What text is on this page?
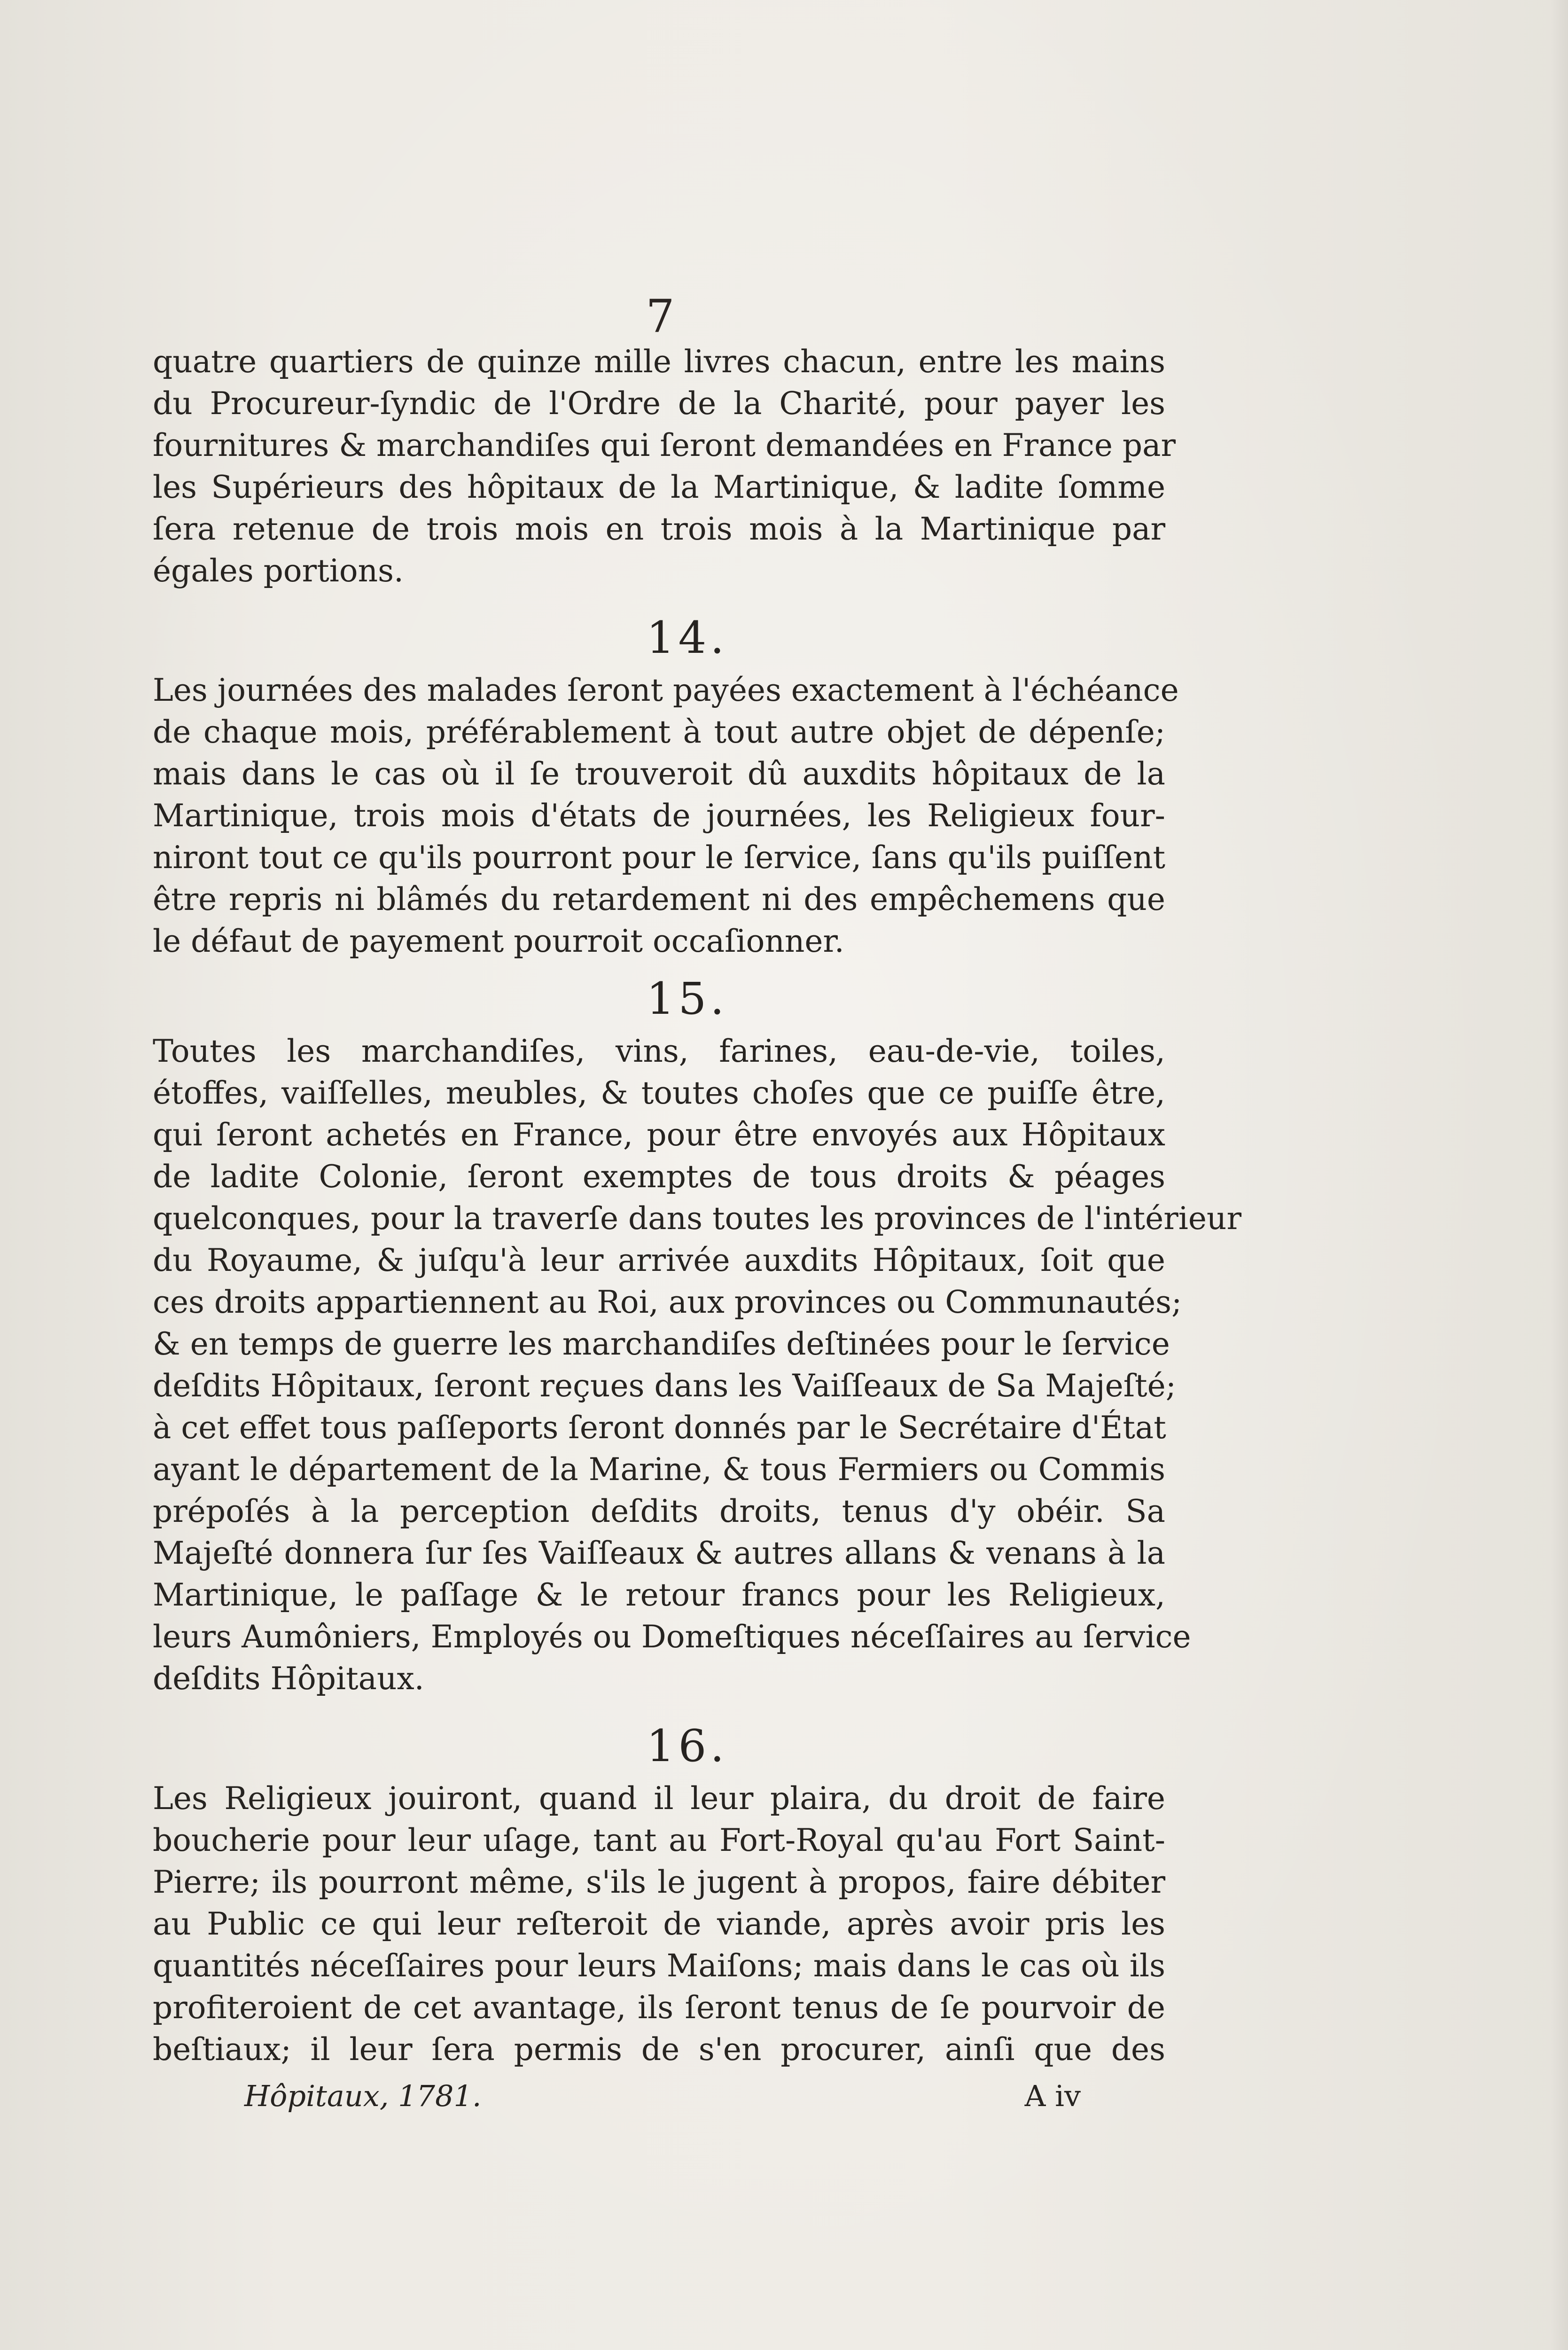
7
quatre quartiers de quinze mille livres chacun, entre les mains
du Procureur-ſyndic de l'Ordre de la Charité, pour payer les
fournitures & marchandiſes qui ſeront demandées en France par
les Supérieurs des hôpitaux de la Martinique, & ladite ſomme
ſera retenue de trois mois en trois mois à la Martinique par
égales portions.
14.
Les journées des malades ſeront payées exactement à l'échéance
de chaque mois, préférablement à tout autre objet de dépenſe;
mais dans le cas où il ſe trouveroit dû auxdits hôpitaux de la
Martinique, trois mois d'états de journées, les Religieux four-
niront tout ce qu'ils pourront pour le ſervice, ſans qu'ils puiſſent
être repris ni blâmés du retardement ni des empêchemens que
le défaut de payement pourroit occaſionner.
15.
Toutes les marchandiſes, vins, farines, eau-de-vie, toiles,
étoffes, vaiſſelles, meubles, & toutes choſes que ce puiſſe être,
qui ſeront achetés en France, pour être envoyés aux Hôpitaux
de ladite Colonie, ſeront exemptes de tous droits & péages
quelconques, pour la traverſe dans toutes les provinces de l'intérieur
du Royaume, & juſqu'à leur arrivée auxdits Hôpitaux, ſoit que
ces droits appartiennent au Roi, aux provinces ou Communautés;
& en temps de guerre les marchandiſes deſtinées pour le ſervice
deſdits Hôpitaux, ſeront reçues dans les Vaiſſeaux de Sa Majeſté;
à cet effet tous paſſeports ſeront donnés par le Secrétaire d'État
ayant le département de la Marine, & tous Fermiers ou Commis
prépoſés à la perception deſdits droits, tenus d'y obéir. Sa
Majeſté donnera ſur ſes Vaiſſeaux & autres allans & venans à la
Martinique, le paſſage & le retour francs pour les Religieux,
leurs Aumôniers, Employés ou Domeſtiques néceſſaires au ſervice
deſdits Hôpitaux.
16.
Les Religieux jouiront, quand il leur plaira, du droit de faire
boucherie pour leur uſage, tant au Fort-Royal qu'au Fort Saint-
Pierre; ils pourront même, s'ils le jugent à propos, faire débiter
au Public ce qui leur reſteroit de viande, après avoir pris les
quantités néceſſaires pour leurs Maiſons; mais dans le cas où ils
profiteroient de cet avantage, ils ſeront tenus de ſe pourvoir de
beſtiaux; il leur ſera permis de s'en procurer, ainſi que des
Hôpitaux, 1781.	A iv
